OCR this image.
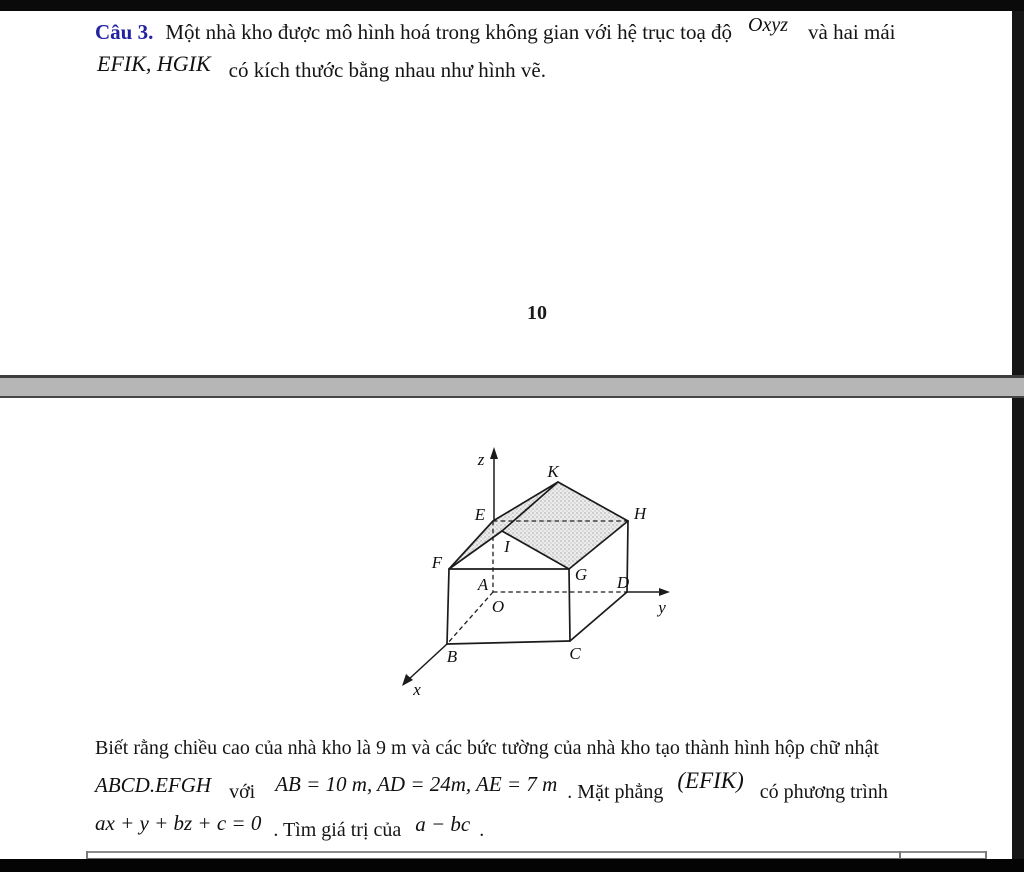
Câu 3. Một nhà kho được mô hình hoá trong không gian với hệ trục toạ độ Oxyz và hai mái
EFIK, HGIK có kích thước bằng nhau như hình vẽ.
10
z
K
E	H
I
F
G
A
O
D
B	C
y
x
Biết rằng chiều cao của nhà kho là 9 m và các bức tường của nhà kho tạo thành hình hộp chữ nhật
ABCD.EFGH với AB = 10 m, AD = 24m, AE = 7 m . Mặt phẳng (EFIK) có phương trình
ax + y + bz + c = 0 . Tìm giá trị của a − bc .
